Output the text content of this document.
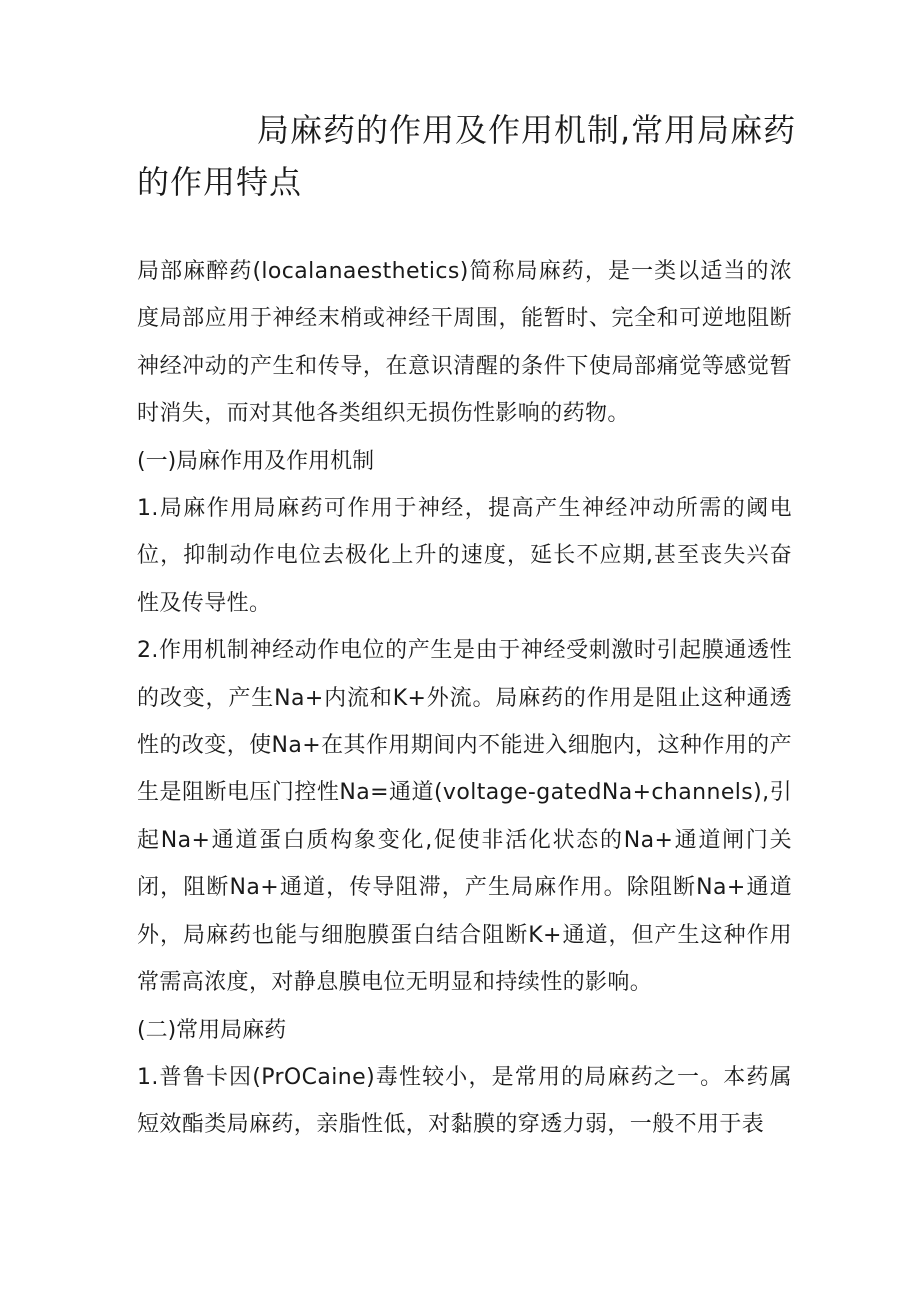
局麻药的作用及作用机制,常用局麻药的作用特点

局部麻醉药(localanaesthetics)简称局麻药，是一类以适当的浓度局部应用于神经末梢或神经干周围，能暂时、完全和可逆地阻断神经冲动的产生和传导，在意识清醒的条件下使局部痛觉等感觉暂时消失，而对其他各类组织无损伤性影响的药物。

(一)局麻作用及作用机制

1.局麻作用局麻药可作用于神经，提高产生神经冲动所需的阈电位，抑制动作电位去极化上升的速度，延长不应期,甚至丧失兴奋性及传导性。

2.作用机制神经动作电位的产生是由于神经受刺激时引起膜通透性的改变，产生Na+内流和K+外流。局麻药的作用是阻止这种通透性的改变，使Na+在其作用期间内不能进入细胞内，这种作用的产生是阻断电压门控性Na=通道(voltage-gatedNa+channels),引起Na+通道蛋白质构象变化,促使非活化状态的Na+通道闸门关闭，阻断Na+通道，传导阻滞，产生局麻作用。除阻断Na+通道外，局麻药也能与细胞膜蛋白结合阻断K+通道，但产生这种作用常需高浓度，对静息膜电位无明显和持续性的影响。

(二)常用局麻药

1.普鲁卡因(PrOCaine)毒性较小，是常用的局麻药之一。本药属短效酯类局麻药，亲脂性低，对黏膜的穿透力弱，一般不用于表
